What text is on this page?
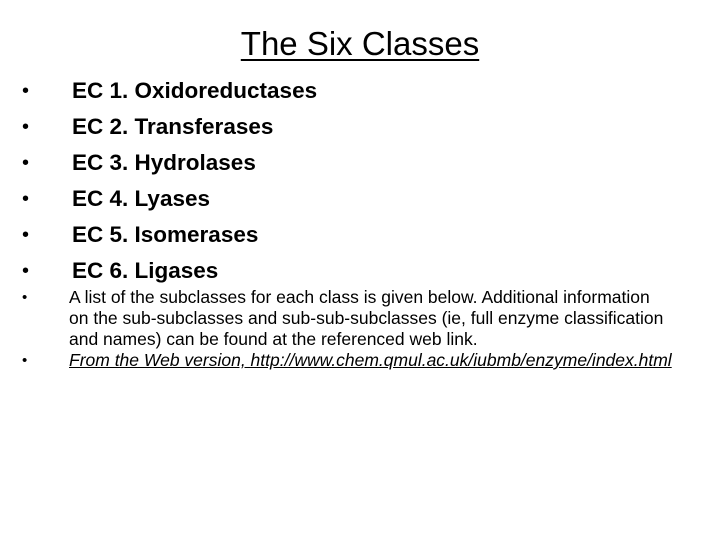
The Six Classes
• EC 1. Oxidoreductases
• EC 2. Transferases
• EC 3. Hydrolases
• EC 4. Lyases
• EC 5. Isomerases
• EC 6. Ligases
• A list of the subclasses for each class is given below. Additional information on the sub-subclasses and sub-sub-subclasses (ie, full enzyme classification and names) can be found at the referenced web link.
• From the Web version, http://www.chem.qmul.ac.uk/iubmb/enzyme/index.html
